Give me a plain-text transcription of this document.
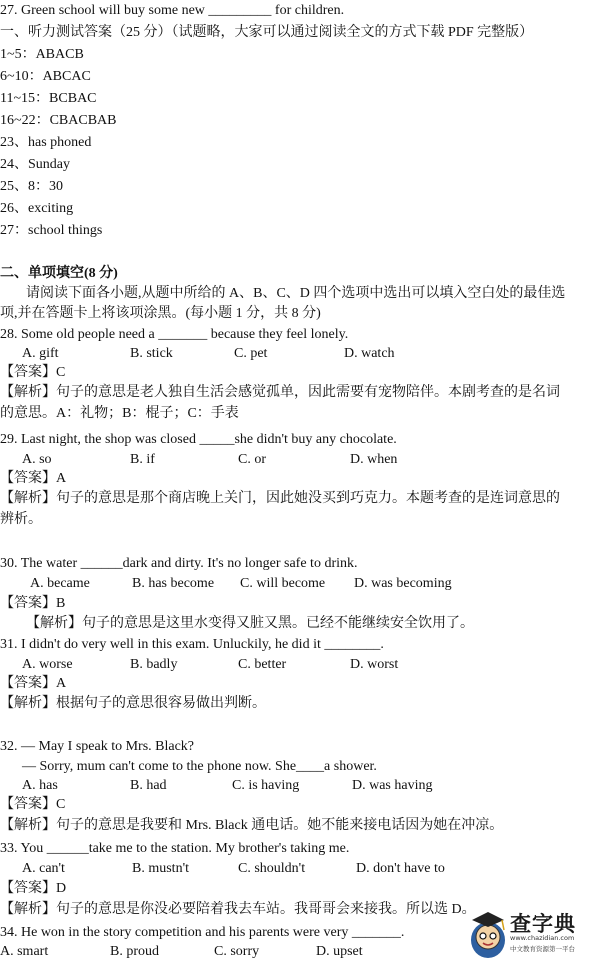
27. Green school will buy some new _________ for children.
一、听力测试答案（25 分）（试题略，大家可以通过阅读全文的方式下载 PDF 完整版）
1~5：ABACB
6~10：ABCAC
11~15：BCBAC
16~22：CBACBAB
23、has phoned
24、Sunday
25、8：30
26、exciting
27：school things
二、单项填空(8 分)
请阅读下面各小题,从题中所给的 A、B、C、D 四个选项中选出可以填入空白处的最佳选
项,并在答题卡上将该项涂黑。(每小题 1 分，共 8 分)
28. Some old people need a _______ because they feel lonely.
A. gift	B. stick	C. pet	D. watch
【答案】C
【解析】句子的意思是老人独自生活会感觉孤单，因此需要有宠物陪伴。本剧考查的是名词
的意思。A：礼物；B：棍子；C：手表
29. Last night, the shop was closed _____she didn't buy any chocolate.
A. so	B. if	C. or	D. when
【答案】A
【解析】句子的意思是那个商店晚上关门，因此她没买到巧克力。本题考查的是连词意思的
辨析。
30. The water ______dark and dirty. It's no longer safe to drink.
A. became	B. has become C. will become D. was becoming
【答案】B
【解析】句子的意思是这里水变得又脏又黑。已经不能继续安全饮用了。
31. I didn't do very well in this exam. Unluckily, he did it ________.
A. worse	B. badly	C. better	D. worst
【答案】A
【解析】根据句子的意思很容易做出判断。
32. — May I speak to Mrs. Black?
— Sorry, mum can't come to the phone now. She____a shower.
A. has	B. had	C. is having	D. was having
【答案】C
【解析】句子的意思是我要和 Mrs. Black 通电话。她不能来接电话因为她在冲凉。
33. You ______take me to the station. My brother's taking me.
A. can't	B. mustn't	C. shouldn't	D. don't have to
【答案】D
【解析】句子的意思是你没必要陪着我去车站。我哥哥会来接我。所以选 D。
34. He won in the story competition and his parents were very _______.
A. smart	B. proud	C. sorry	D. upset
查字典
www.chazidian.com
中文教育资源第一平台
